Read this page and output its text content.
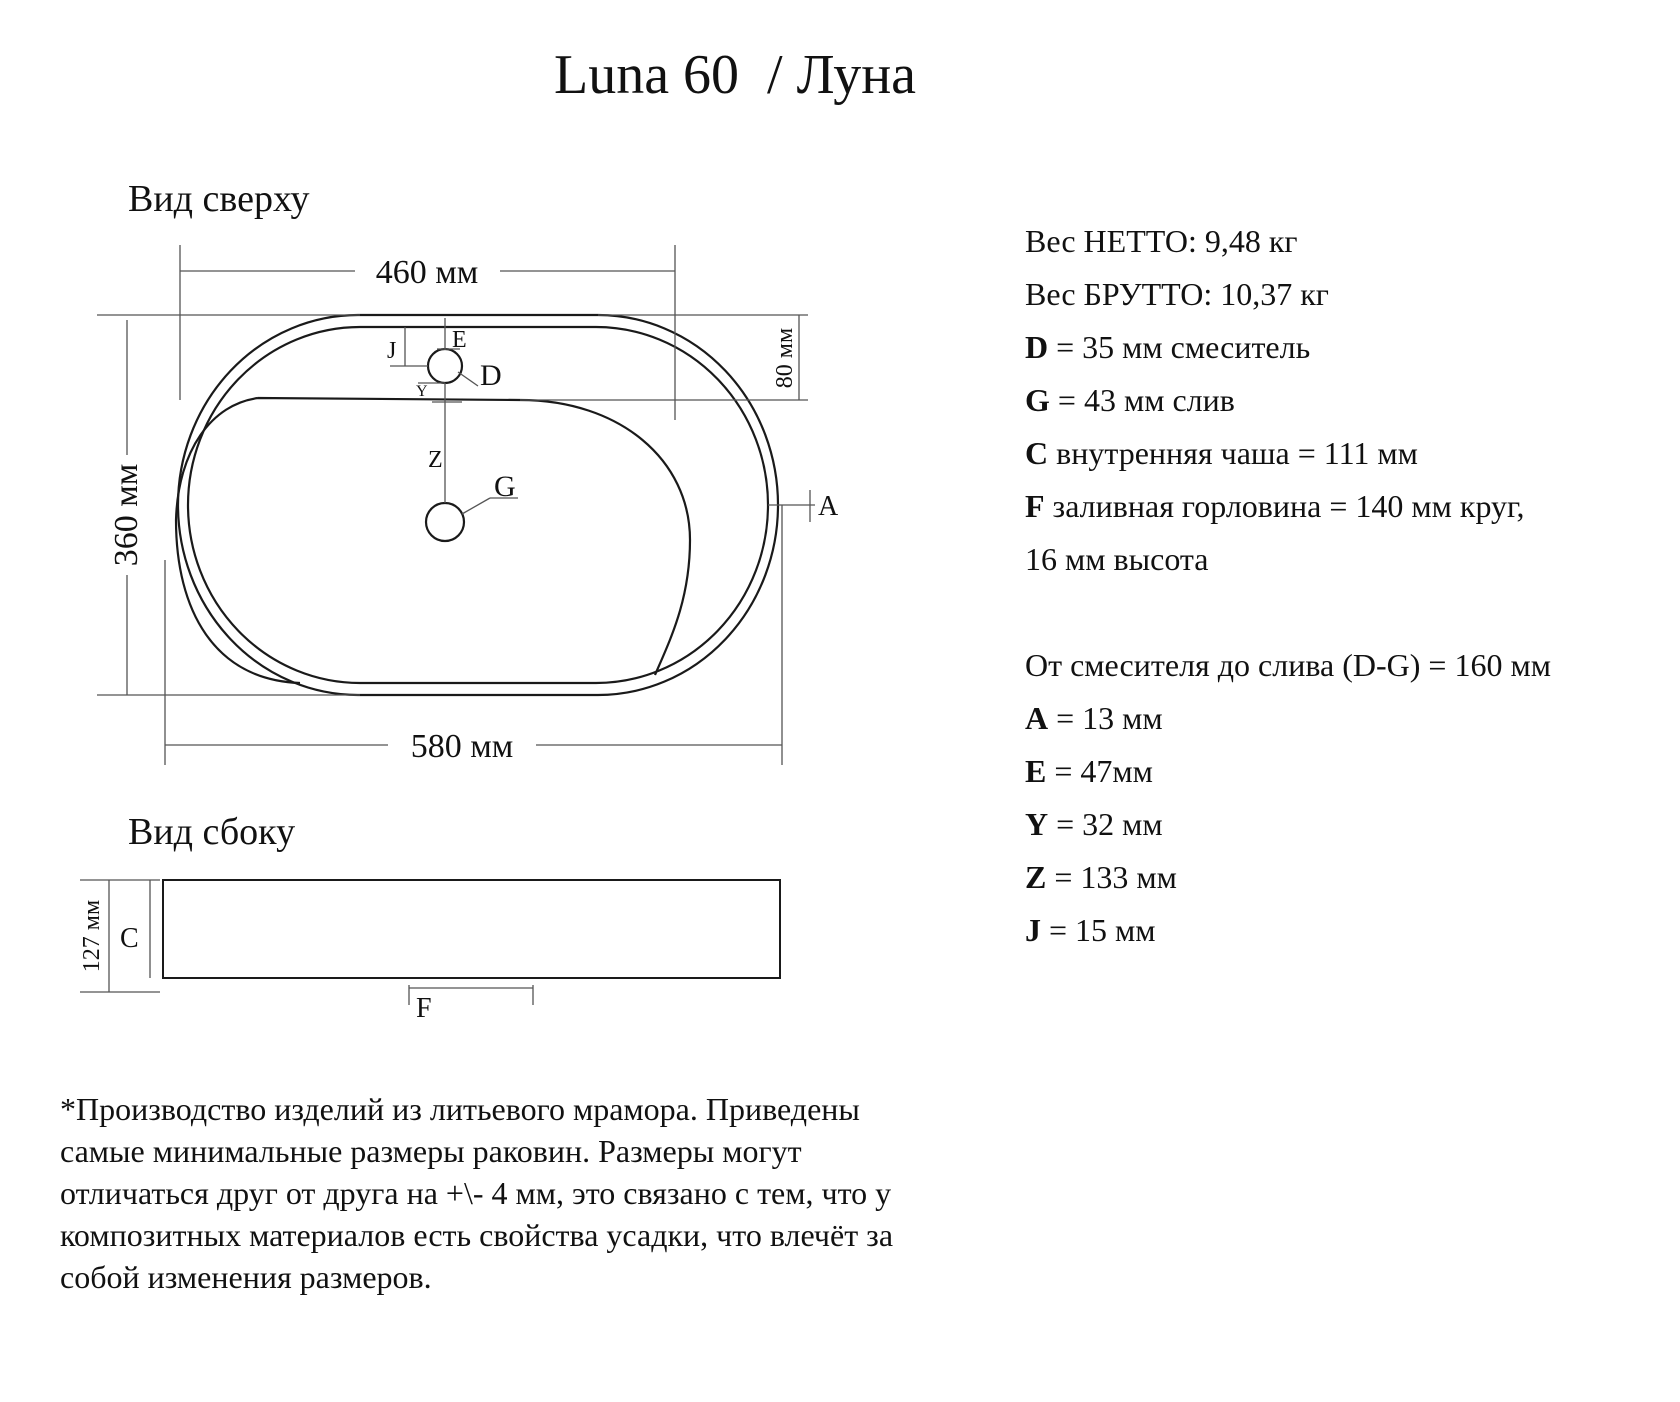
Luna 60  / Луна
Вид сверху
Вид сбоку
460 мм
580 мм
360 мм
80 мм
A
J E
Y D
Z
G
127 мм C
F
Вес НЕТТО: 9,48 кг
Вес БРУТТО: 10,37 кг
D = 35 мм смеситель
G = 43 мм слив
C внутренняя чаша = 111 мм
F заливная горловина = 140 мм круг,
16 мм высота
От смесителя до слива (D-G) = 160 мм
A = 13 мм
E = 47мм
Y = 32 мм
Z = 133 мм
J = 15 мм
*Производство изделий из литьевого мрамора. Приведены
самые минимальные размеры раковин. Размеры могут
отличаться друг от друга на +\- 4 мм, это связано с тем, что у
композитных материалов есть свойства усадки, что влечёт за
собой изменения размеров.
